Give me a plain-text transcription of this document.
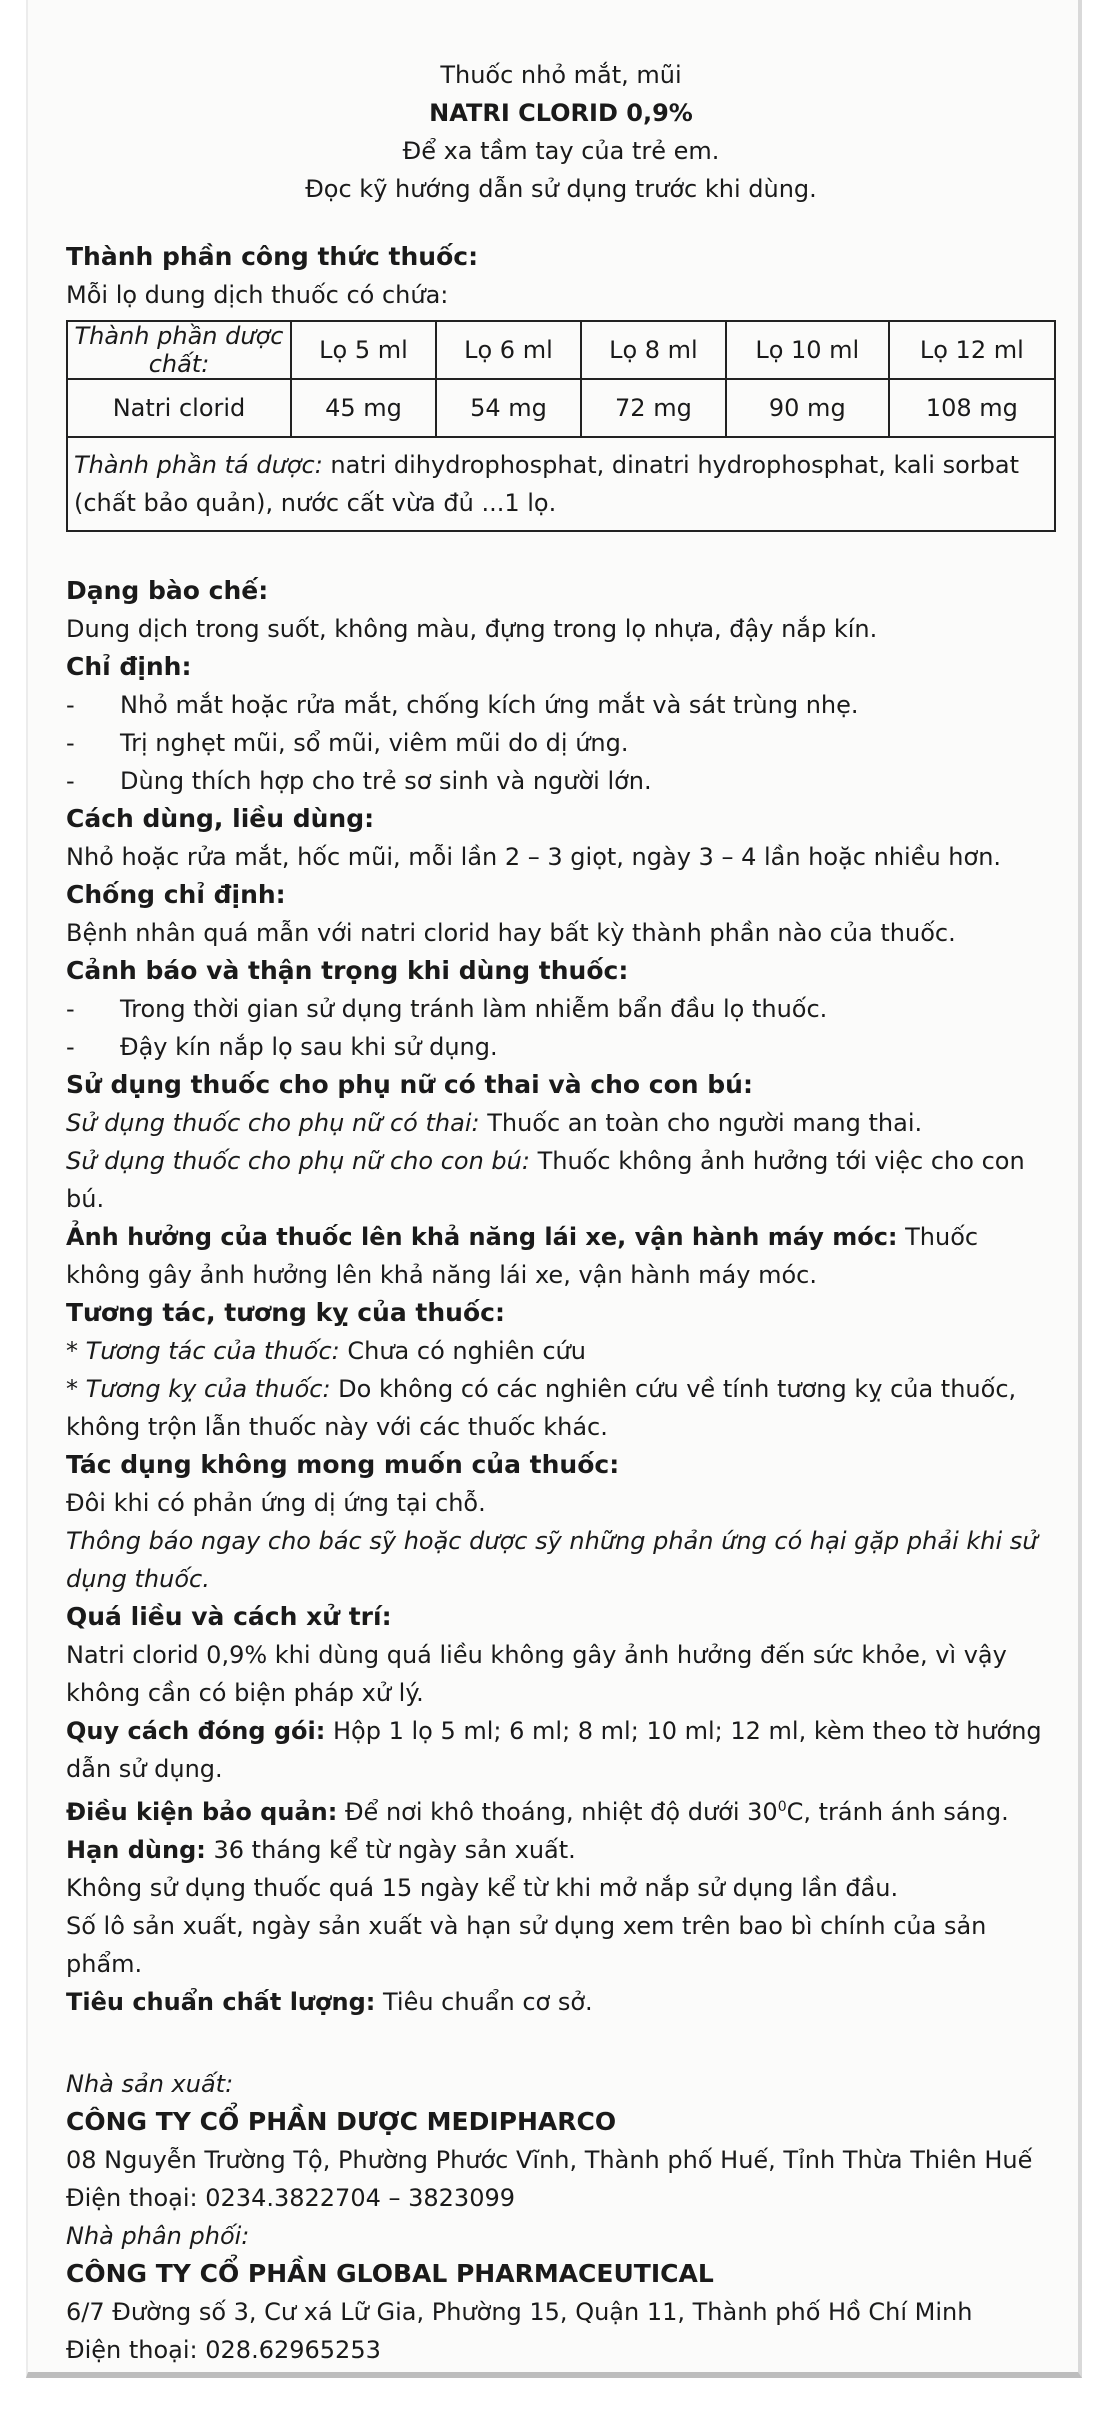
Thuốc nhỏ mắt, mũi
NATRI CLORID 0,9%
Để xa tầm tay của trẻ em.
Đọc kỹ hướng dẫn sử dụng trước khi dùng.
Thành phần công thức thuốc:

Mỗi lọ dung dịch thuốc có chứa:

Thành phần dược chất:	Lọ 5 ml	Lọ 6 ml	Lọ 8 ml	Lọ 10 ml	Lọ 12 ml
Natri clorid	45 mg	54 mg	72 mg	90 mg	108 mg
Thành phần tá dược: natri dihydrophosphat, dinatri hydrophosphat, kali sorbat (chất bảo quản), nước cất vừa đủ ...1 lọ.					
Dạng bào chế:

Dung dịch trong suốt, không màu, đựng trong lọ nhựa, đậy nắp kín.

Chỉ định:
-	Nhỏ mắt hoặc rửa mắt, chống kích ứng mắt và sát trùng nhẹ.
-	Trị nghẹt mũi, sổ mũi, viêm mũi do dị ứng.
-	Dùng thích hợp cho trẻ sơ sinh và người lớn.
Cách dùng, liều dùng:

Nhỏ hoặc rửa mắt, hốc mũi, mỗi lần 2 – 3 giọt, ngày 3 – 4 lần hoặc nhiều hơn.

Chống chỉ định:

Bệnh nhân quá mẫn với natri clorid hay bất kỳ thành phần nào của thuốc.

Cảnh báo và thận trọng khi dùng thuốc:
-	Trong thời gian sử dụng tránh làm nhiễm bẩn đầu lọ thuốc.
-	Đậy kín nắp lọ sau khi sử dụng.
Sử dụng thuốc cho phụ nữ có thai và cho con bú:

Sử dụng thuốc cho phụ nữ có thai: Thuốc an toàn cho người mang thai.

Sử dụng thuốc cho phụ nữ cho con bú: Thuốc không ảnh hưởng tới việc cho con bú.

Ảnh hưởng của thuốc lên khả năng lái xe, vận hành máy móc: Thuốc không gây ảnh hưởng lên khả năng lái xe, vận hành máy móc.

Tương tác, tương kỵ của thuốc:

* Tương tác của thuốc: Chưa có nghiên cứu

* Tương kỵ của thuốc: Do không có các nghiên cứu về tính tương kỵ của thuốc, không trộn lẫn thuốc này với các thuốc khác.

Tác dụng không mong muốn của thuốc:

Đôi khi có phản ứng dị ứng tại chỗ.

Thông báo ngay cho bác sỹ hoặc dược sỹ những phản ứng có hại gặp phải khi sử dụng thuốc.

Quá liều và cách xử trí:

Natri clorid 0,9% khi dùng quá liều không gây ảnh hưởng đến sức khỏe, vì vậy không cần có biện pháp xử lý.

Quy cách đóng gói: Hộp 1 lọ 5 ml; 6 ml; 8 ml; 10 ml; 12 ml, kèm theo tờ hướng dẫn sử dụng.

Điều kiện bảo quản: Để nơi khô thoáng, nhiệt độ dưới $30^0C$, tránh ánh sáng.

Hạn dùng: 36 tháng kể từ ngày sản xuất.

Không sử dụng thuốc quá 15 ngày kể từ khi mở nắp sử dụng lần đầu.

Số lô sản xuất, ngày sản xuất và hạn sử dụng xem trên bao bì chính của sản phẩm.

Tiêu chuẩn chất lượng: Tiêu chuẩn cơ sở.

Nhà sản xuất:

CÔNG TY CỔ PHẦN DƯỢC MEDIPHARCO

08 Nguyễn Trường Tộ, Phường Phước Vĩnh, Thành phố Huế, Tỉnh Thừa Thiên Huế

Điện thoại: 0234.3822704 – 3823099

Nhà phân phối:

CÔNG TY CỔ PHẦN GLOBAL PHARMACEUTICAL

6/7 Đường số 3, Cư xá Lữ Gia, Phường 15, Quận 11, Thành phố Hồ Chí Minh

Điện thoại: 028.62965253
